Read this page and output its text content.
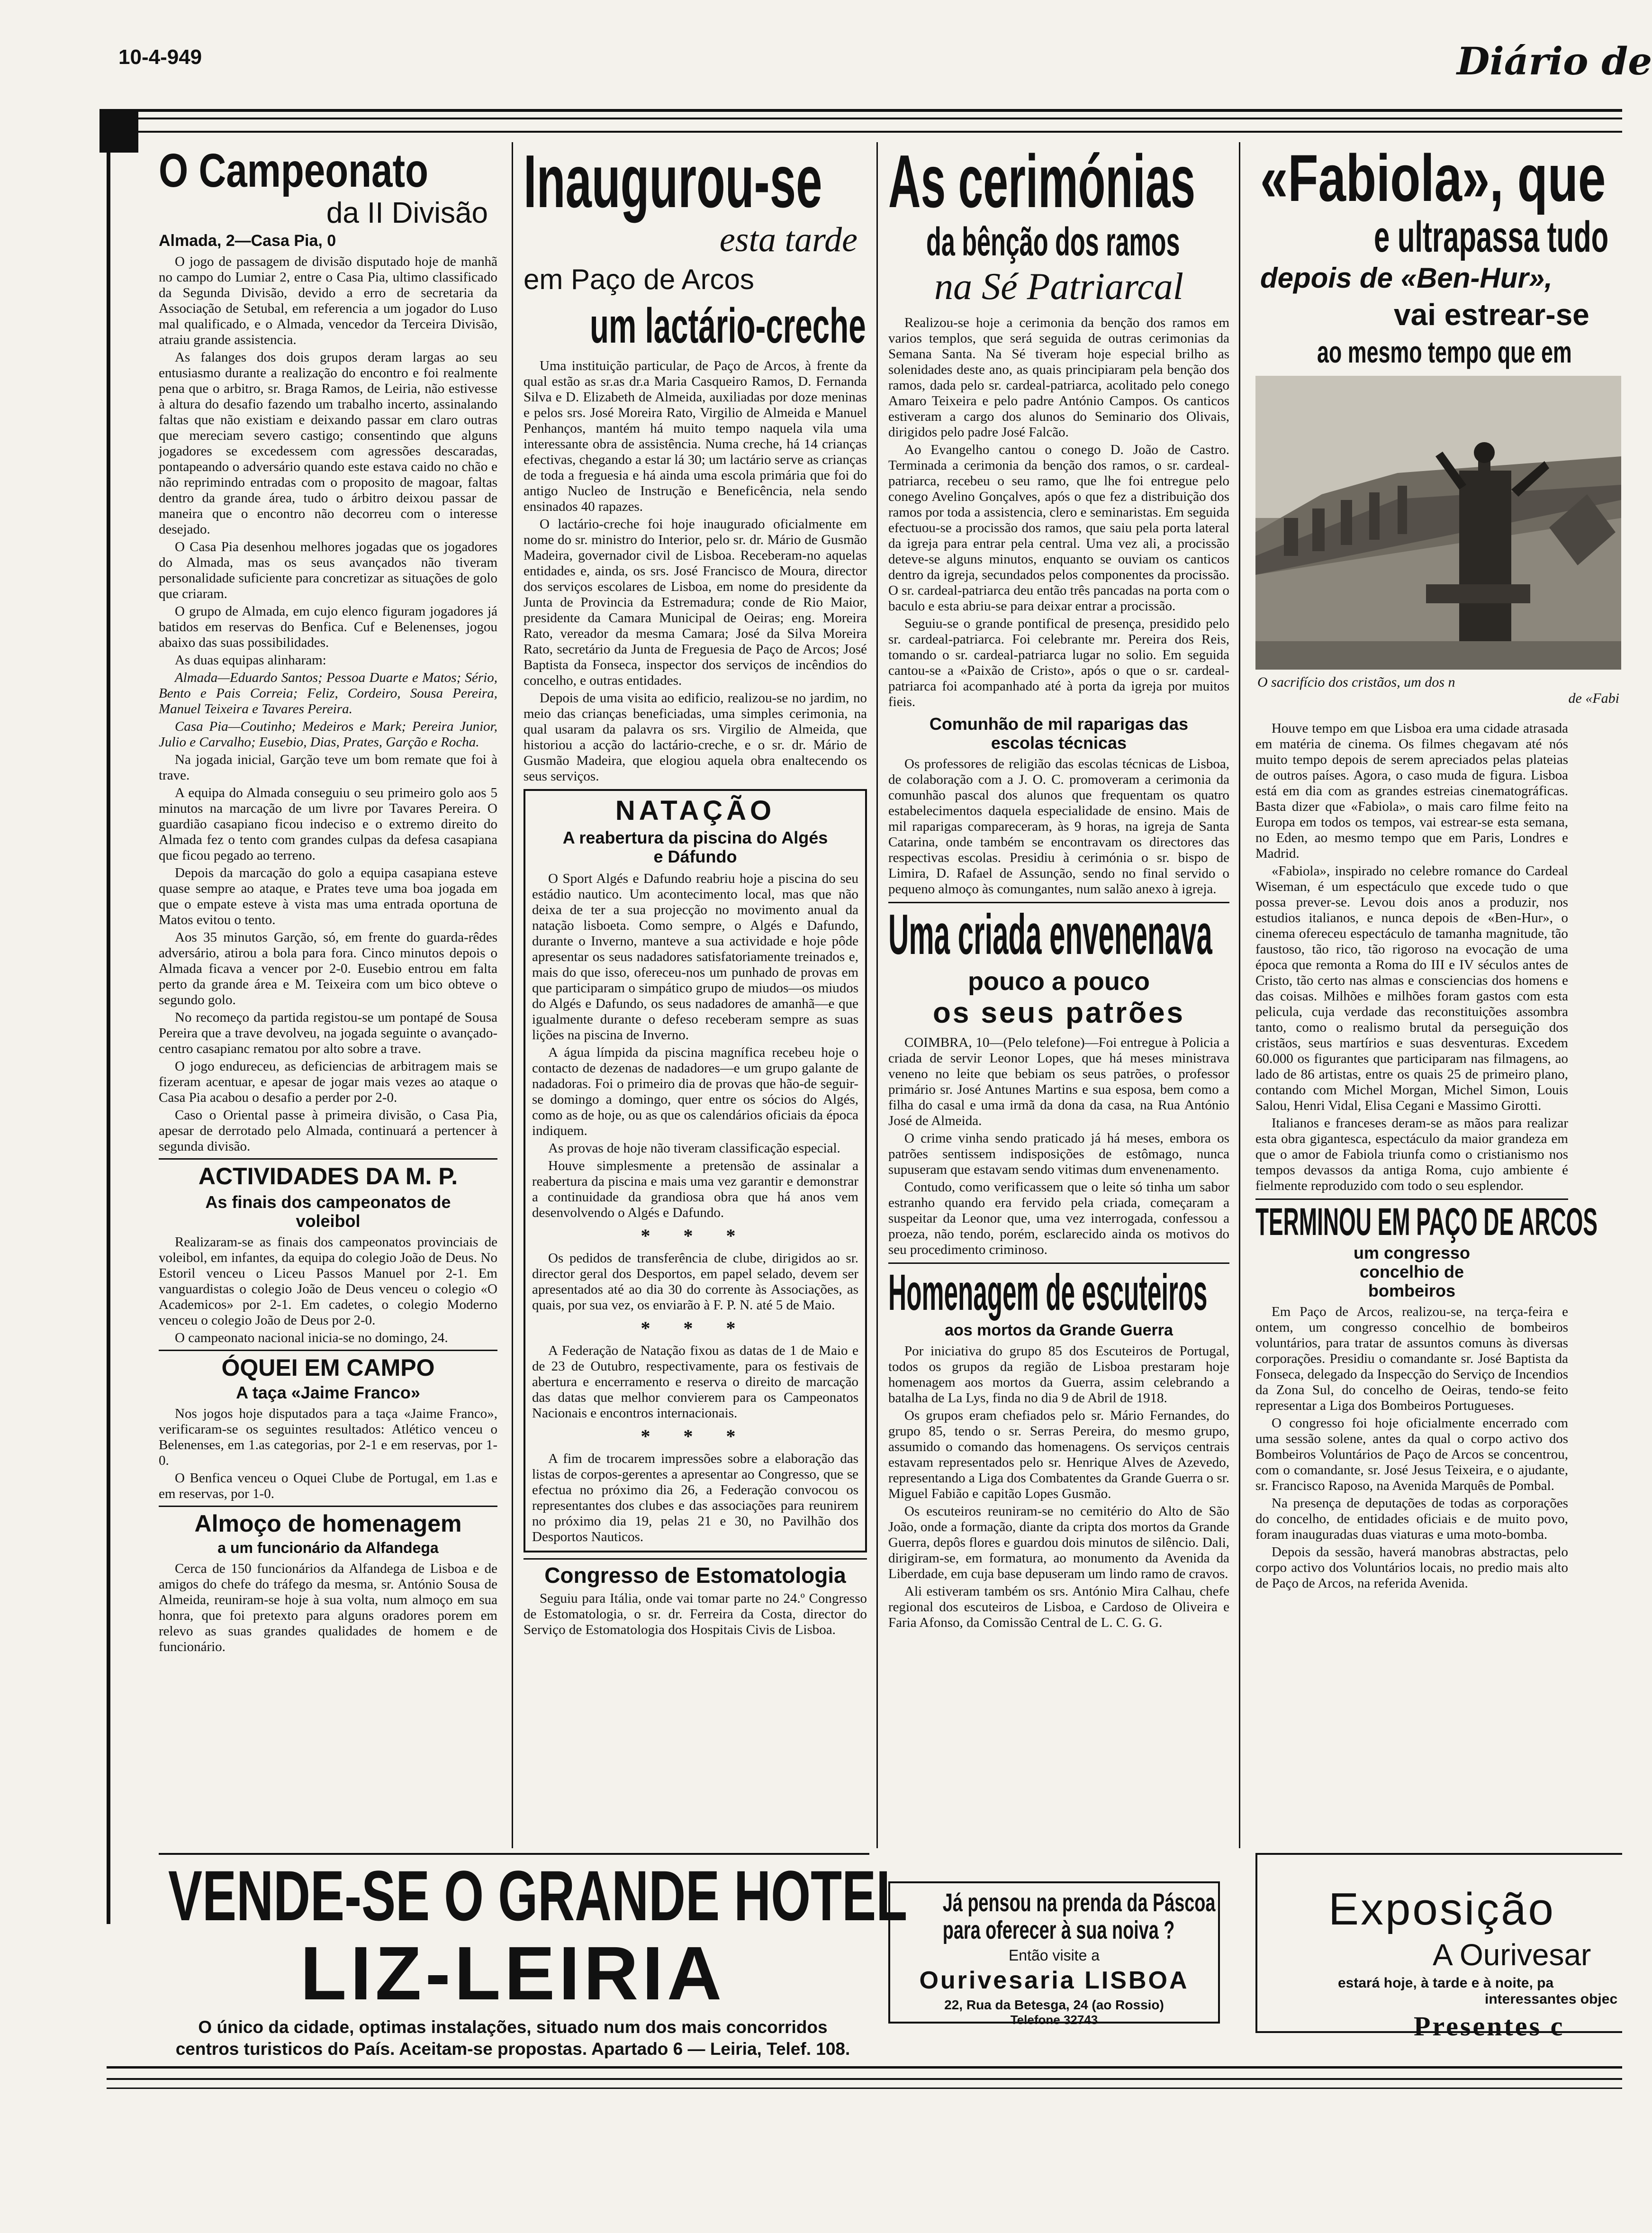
10-4-949	Diário de
O Campeonato
da II Divisão
Almada, 2—Casa Pia, 0

O jogo de passagem de divisão disputado hoje de manhã no campo do Lumiar 2, entre o Casa Pia, ultimo classificado da Segunda Divisão, devido a erro de secretaria da Associação de Setubal, em referencia a um jogador do Luso mal qualificado, e o Almada, vencedor da Terceira Divisão, atraiu grande assistencia.

As falanges dos dois grupos deram largas ao seu entusiasmo durante a realização do encontro e foi realmente pena que o arbitro, sr. Braga Ramos, de Leiria, não estivesse à altura do desafio fazendo um trabalho incerto, assinalando faltas que não existiam e deixando passar em claro outras que mereciam severo castigo; consentindo que alguns jogadores se excedessem com agressões descaradas, pontapeando o adversário quando este estava caido no chão e não reprimindo entradas com o proposito de magoar, faltas dentro da grande área, tudo o árbitro deixou passar de maneira que o encontro não decorreu com o interesse desejado.

O Casa Pia desenhou melhores jogadas que os jogadores do Almada, mas os seus avançados não tiveram personalidade suficiente para concretizar as situações de golo que criaram.

O grupo de Almada, em cujo elenco figuram jogadores já batidos em reservas do Benfica. Cuf e Belenenses, jogou abaixo das suas possibilidades.

As duas equipas alinharam:

Almada—Eduardo Santos; Pessoa Duarte e Matos; Sério, Bento e Pais Correia; Feliz, Cordeiro, Sousa Pereira, Manuel Teixeira e Tavares Pereira.

Casa Pia—Coutinho; Medeiros e Mark; Pereira Junior, Julio e Carvalho; Eusebio, Dias, Prates, Garção e Rocha.

Na jogada inicial, Garção teve um bom remate que foi à trave.

A equipa do Almada conseguiu o seu primeiro golo aos 5 minutos na marcação de um livre por Tavares Pereira. O guardião casapiano ficou indeciso e o extremo direito do Almada fez o tento com grandes culpas da defesa casapiana que ficou pegado ao terreno.

Depois da marcação do golo a equipa casapiana esteve quase sempre ao ataque, e Prates teve uma boa jogada em que o empate esteve à vista mas uma entrada oportuna de Matos evitou o tento.

Aos 35 minutos Garção, só, em frente do guarda-rêdes adversário, atirou a bola para fora. Cinco minutos depois o Almada ficava a vencer por 2-0. Eusebio entrou em falta perto da grande área e M. Teixeira com um bico obteve o segundo golo.

No recomeço da partida registou-se um pontapé de Sousa Pereira que a trave devolveu, na jogada seguinte o avançado-centro casapianc rematou por alto sobre a trave.

O jogo endureceu, as deficiencias de arbitragem mais se fizeram acentuar, e apesar de jogar mais vezes ao ataque o Casa Pia acabou o desafio a perder por 2-0.

Caso o Oriental passe à primeira divisão, o Casa Pia, apesar de derrotado pelo Almada, continuará a pertencer à segunda divisão.

ACTIVIDADES DA M. P.
As finais dos campeonatos de voleibol

Realizaram-se as finais dos campeonatos provinciais de voleibol, em infantes, da equipa do colegio João de Deus. No Estoril venceu o Liceu Passos Manuel por 2-1. Em vanguardistas o colegio João de Deus venceu o colegio «O Academicos» por 2-1. Em cadetes, o colegio Moderno venceu o colegio João de Deus por 2-0.

O campeonato nacional inicia-se no domingo, 24.

ÓQUEI EM CAMPO
A taça «Jaime Franco»

Nos jogos hoje disputados para a taça «Jaime Franco», verificaram-se os seguintes resultados: Atlético venceu o Belenenses, em 1.as categorias, por 2-1 e em reservas, por 1-0.

O Benfica venceu o Oquei Clube de Portugal, em 1.as e em reservas, por 1-0.

Almoço de homenagem
a um funcionário da Alfandega

Cerca de 150 funcionários da Alfandega de Lisboa e de amigos do chefe do tráfego da mesma, sr. António Sousa de Almeida, reuniram-se hoje à sua volta, num almoço em sua honra, que foi pretexto para alguns oradores porem em relevo as suas grandes qualidades de homem e de funcionário.

Inaugurou-se
esta tarde
em Paço de Arcos
um lactário-creche

Uma instituição particular, de Paço de Arcos, à frente da qual estão as sr.as dr.a Maria Casqueiro Ramos, D. Fernanda Silva e D. Elizabeth de Almeida, auxiliadas por doze meninas e pelos srs. José Moreira Rato, Virgilio de Almeida e Manuel Penhanços, mantém há muito tempo naquela vila uma interessante obra de assistência. Numa creche, há 14 crianças efectivas, chegando a estar lá 30; um lactário serve as crianças de toda a freguesia e há ainda uma escola primária que foi do antigo Nucleo de Instrução e Beneficência, nela sendo ensinados 40 rapazes.

O lactário-creche foi hoje inaugurado oficialmente em nome do sr. ministro do Interior, pelo sr. dr. Mário de Gusmão Madeira, governador civil de Lisboa. Receberam-no aquelas entidades e, ainda, os srs. José Francisco de Moura, director dos serviços escolares de Lisboa, em nome do presidente da Junta de Provincia da Estremadura; conde de Rio Maior, presidente da Camara Municipal de Oeiras; eng. Moreira Rato, vereador da mesma Camara; José da Silva Moreira Rato, secretário da Junta de Freguesia de Paço de Arcos; José Baptista da Fonseca, inspector dos serviços de incêndios do concelho, e outras entidades.

Depois de uma visita ao edificio, realizou-se no jardim, no meio das crianças beneficiadas, uma simples cerimonia, na qual usaram da palavra os srs. Virgilio de Almeida, que historiou a acção do lactário-creche, e o sr. dr. Mário de Gusmão Madeira, que elogiou aquela obra enaltecendo os seus serviços.

NATAÇÃO
A reabertura da piscina do Algés e Dáfundo

O Sport Algés e Dafundo reabriu hoje a piscina do seu estádio nautico. Um acontecimento local, mas que não deixa de ter a sua projecção no movimento anual da natação lisboeta. Como sempre, o Algés e Dafundo, durante o Inverno, manteve a sua actividade e hoje pôde apresentar os seus nadadores satisfatoriamente treinados e, mais do que isso, ofereceu-nos um punhado de provas em que participaram o simpático grupo de miudos—os miudos do Algés e Dafundo, os seus nadadores de amanhã—e que igualmente durante o defeso receberam sempre as suas lições na piscina de Inverno.

A água límpida da piscina magnífica recebeu hoje o contacto de dezenas de nadadores—e um grupo galante de nadadoras. Foi o primeiro dia de provas que hão-de seguir-se domingo a domingo, quer entre os sócios do Algés, como as de hoje, ou as que os calendários oficiais da época indiquem.

As provas de hoje não tiveram classificação especial.

Houve simplesmente a pretensão de assinalar a reabertura da piscina e mais uma vez garantir e demonstrar a continuidade da grandiosa obra que há anos vem desenvolvendo o Algés e Dafundo.

* * *

Os pedidos de transferência de clube, dirigidos ao sr. director geral dos Desportos, em papel selado, devem ser apresentados até ao dia 30 do corrente às Associações, as quais, por sua vez, os enviarão à F. P. N. até 5 de Maio.

* * *

A Federação de Natação fixou as datas de 1 de Maio e de 23 de Outubro, respectivamente, para os festivais de abertura e encerramento e reserva o direito de marcação das datas que melhor convierem para os Campeonatos Nacionais e encontros internacionais.

* * *

A fim de trocarem impressões sobre a elaboração das listas de corpos-gerentes a apresentar ao Congresso, que se efectua no próximo dia 26, a Federação convocou os representantes dos clubes e das associações para reunirem no próximo dia 19, pelas 21 e 30, no Pavilhão dos Desportos Nauticos.

Congresso de Estomatologia

Seguiu para Itália, onde vai tomar parte no 24.º Congresso de Estomatologia, o sr. dr. Ferreira da Costa, director do Serviço de Estomatologia dos Hospitais Civis de Lisboa.

As cerimónias
da bênção dos ramos
na Sé Patriarcal

Realizou-se hoje a cerimonia da benção dos ramos em varios templos, que será seguida de outras cerimonias da Semana Santa. Na Sé tiveram hoje especial brilho as solenidades deste ano, as quais principiaram pela benção dos ramos, dada pelo sr. cardeal-patriarca, acolitado pelo conego Amaro Teixeira e pelo padre António Campos. Os canticos estiveram a cargo dos alunos do Seminario dos Olivais, dirigidos pelo padre José Falcão.

Ao Evangelho cantou o conego D. João de Castro. Terminada a cerimonia da benção dos ramos, o sr. cardeal-patriarca, recebeu o seu ramo, que lhe foi entregue pelo conego Avelino Gonçalves, após o que fez a distribuição dos ramos por toda a assistencia, clero e seminaristas. Em seguida efectuou-se a procissão dos ramos, que saiu pela porta lateral da igreja para entrar pela central. Uma vez ali, a procissão deteve-se alguns minutos, enquanto se ouviam os canticos dentro da igreja, secundados pelos componentes da procissão. O sr. cardeal-patriarca deu então três pancadas na porta com o baculo e esta abriu-se para deixar entrar a procissão.

Seguiu-se o grande pontifical de presença, presidido pelo sr. cardeal-patriarca. Foi celebrante mr. Pereira dos Reis, tomando o sr. cardeal-patriarca lugar no solio. Em seguida cantou-se a «Paixão de Cristo», após o que o sr. cardeal-patriarca foi acompanhado até à porta da igreja por muitos fieis.

Comunhão de mil raparigas das escolas técnicas

Os professores de religião das escolas técnicas de Lisboa, de colaboração com a J. O. C. promoveram a cerimonia da comunhão pascal dos alunos que frequentam os quatro estabelecimentos daquela especialidade de ensino. Mais de mil raparigas compareceram, às 9 horas, na igreja de Santa Catarina, onde também se encontravam os directores das respectivas escolas. Presidiu à cerimónia o sr. bispo de Limira, D. Rafael de Assunção, sendo no final servido o pequeno almoço às comungantes, num salão anexo à igreja.

Uma criada envenenava
pouco a pouco
os seus patrões

COIMBRA, 10—(Pelo telefone)—Foi entregue à Policia a criada de servir Leonor Lopes, que há meses ministrava veneno no leite que bebiam os seus patrões, o professor primário sr. José Antunes Martins e sua esposa, bem como a filha do casal e uma irmã da dona da casa, na Rua António José de Almeida.

O crime vinha sendo praticado já há meses, embora os patrões sentissem indisposições de estômago, nunca supuseram que estavam sendo vitimas dum envenenamento.

Contudo, como verificassem que o leite só tinha um sabor estranho quando era fervido pela criada, começaram a suspeitar da Leonor que, uma vez interrogada, confessou a proeza, não tendo, porém, esclarecido ainda os motivos do seu procedimento criminoso.

Homenagem de escuteiros
aos mortos da Grande Guerra

Por iniciativa do grupo 85 dos Escuteiros de Portugal, todos os grupos da região de Lisboa prestaram hoje homenagem aos mortos da Guerra, assim celebrando a batalha de La Lys, finda no dia 9 de Abril de 1918.

Os grupos eram chefiados pelo sr. Mário Fernandes, do grupo 85, tendo o sr. Serras Pereira, do mesmo grupo, assumido o comando das homenagens. Os serviços centrais estavam representados pelo sr. Henrique Alves de Azevedo, representando a Liga dos Combatentes da Grande Guerra o sr. Miguel Fabião e capitão Lopes Gusmão.

Os escuteiros reuniram-se no cemitério do Alto de São João, onde a formação, diante da cripta dos mortos da Grande Guerra, depôs flores e guardou dois minutos de silêncio. Dali, dirigiram-se, em formatura, ao monumento da Avenida da Liberdade, em cuja base depuseram um lindo ramo de cravos.

Ali estiveram também os srs. António Mira Calhau, chefe regional dos escuteiros de Lisboa, e Cardoso de Oliveira e Faria Afonso, da Comissão Central de L. C. G. G.

«Fabiola», que
e ultrapassa tudo
depois de «Ben-Hur»,
vai estrear-se
ao mesmo tempo que em
O sacrifício dos cristãos, um dos n
de «Fabi

Houve tempo em que Lisboa era uma cidade atrasada em matéria de cinema. Os filmes chegavam até nós muito tempo depois de serem apreciados pelas plateias de outros países. Agora, o caso muda de figura. Lisboa está em dia com as grandes estreias cinematográficas. Basta dizer que «Fabiola», o mais caro filme feito na Europa em todos os tempos, vai estrear-se esta semana, no Eden, ao mesmo tempo que em Paris, Londres e Madrid.

«Fabiola», inspirado no celebre romance do Cardeal Wiseman, é um espectáculo que excede tudo o que possa prever-se. Levou dois anos a produzir, nos estudios italianos, e nunca depois de «Ben-Hur», o cinema ofereceu espectáculo de tamanha magnitude, tão faustoso, tão rico, tão rigoroso na evocação de uma época que remonta a Roma do III e IV séculos antes de Cristo, tão certo nas almas e consciencias dos homens e das coisas. Milhões e milhões foram gastos com esta pelicula, cuja verdade das reconstituições assombra tanto, como o realismo brutal da perseguição dos cristãos, seus martírios e suas desventuras. Excedem 60.000 os figurantes que participaram nas filmagens, ao lado de 86 artistas, entre os quais 25 de primeiro plano, contando com Michel Morgan, Michel Simon, Louis Salou, Henri Vidal, Elisa Cegani e Massimo Girotti.

Italianos e franceses deram-se as mãos para realizar esta obra gigantesca, espectáculo da maior grandeza em que o amor de Fabiola triunfa como o cristianismo nos tempos devassos da antiga Roma, cujo ambiente é fielmente reproduzido com todo o seu esplendor.

TERMINOU EM PAÇO DE ARCOS
um congresso concelhio de bombeiros

Em Paço de Arcos, realizou-se, na terça-feira e ontem, um congresso concelhio de bombeiros voluntários, para tratar de assuntos comuns às diversas corporações. Presidiu o comandante sr. José Baptista da Fonseca, delegado da Inspecção do Serviço de Incendios da Zona Sul, do concelho de Oeiras, tendo-se feito representar a Liga dos Bombeiros Portugueses.

O congresso foi hoje oficialmente encerrado com uma sessão solene, antes da qual o corpo activo dos Bombeiros Voluntários de Paço de Arcos se concentrou, com o comandante, sr. José Jesus Teixeira, e o ajudante, sr. Francisco Raposo, na Avenida Marquês de Pombal.

Na presença de deputações de todas as corporações do concelho, de entidades oficiais e de muito povo, foram inauguradas duas viaturas e uma moto-bomba.

Depois da sessão, haverá manobras abstractas, pelo corpo activo dos Voluntários locais, no predio mais alto de Paço de Arcos, na referida Avenida.

VENDE-SE O GRANDE HOTEL
LIZ-LEIRIA
O único da cidade, optimas instalações, situado num dos mais concorridos centros turisticos do País. Aceitam-se propostas. Apartado 6 — Leiria, Telef. 108.
Já pensou na prenda da Páscoa
para oferecer à sua noiva ?
Então visite a
Ourivesaria LISBOA
22, Rua da Betesga, 24 (ao Rossio)
Telefone 32743
Exposição
A Ourivesar
estará hoje, à tarde e à noite, pa
interessantes objec
Presentes c
